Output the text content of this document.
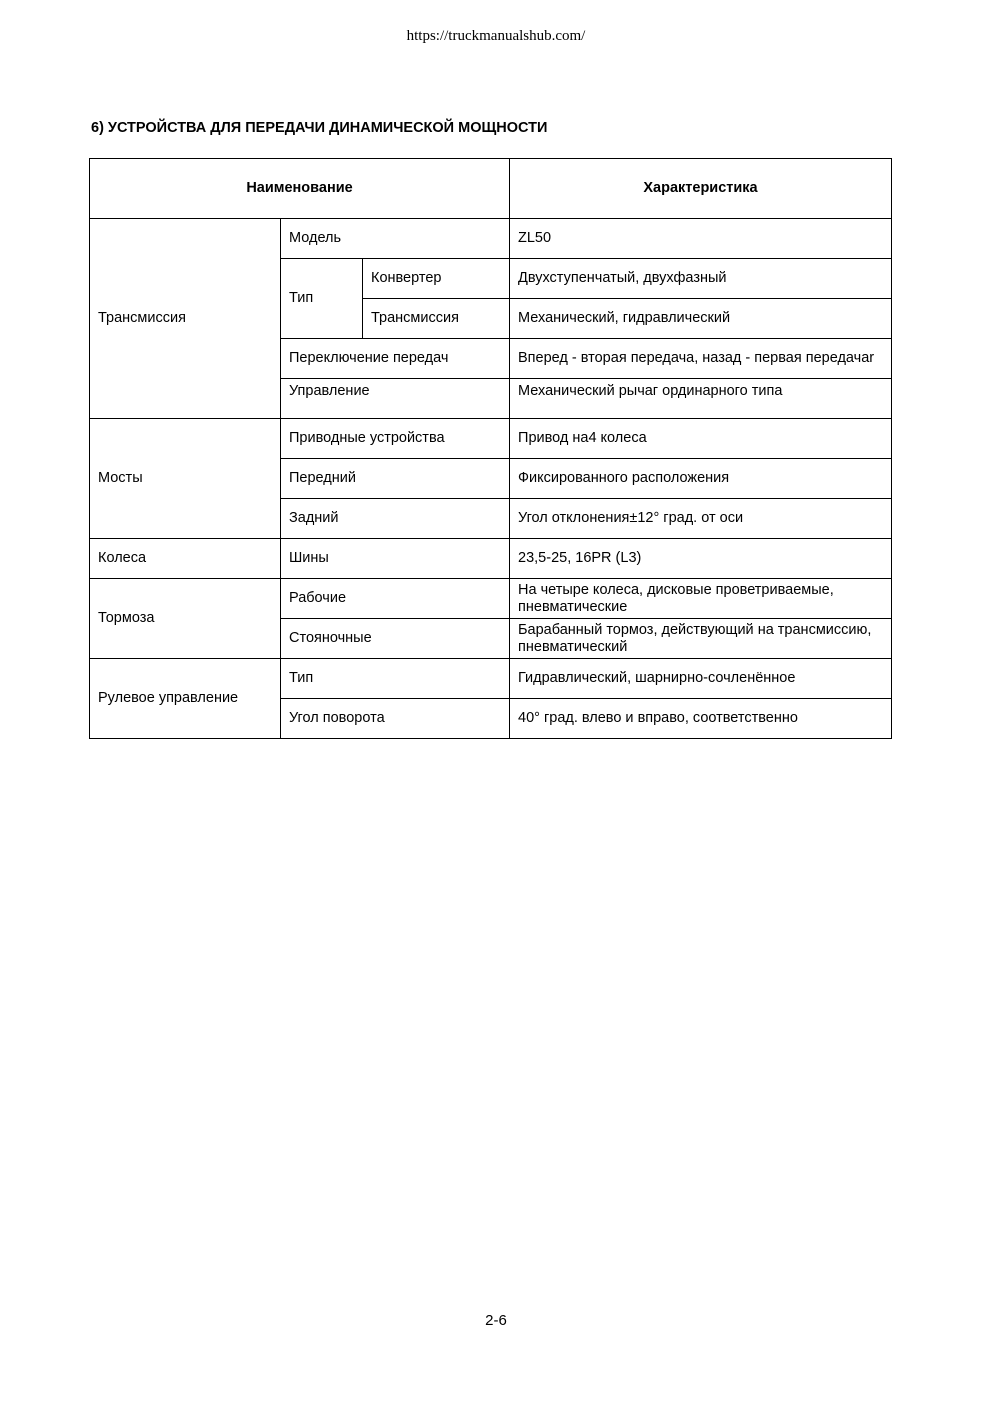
https://truckmanualshub.com/
6) УСТРОЙСТВА ДЛЯ ПЕРЕДАЧИ ДИНАМИЧЕСКОЙ МОЩНОСТИ
Наименование			Характеристика
Трансмиссия	Модель		ZL50
	Тип	Конвертер	Двухступенчатый, двухфазный
		Трансмиссия	Механический, гидравлический
	Переключение передач		Вперед - вторая передача, назад - первая передачаr
	Управление		Механический рычаг ординарного типа
Мосты	Приводные устройства		Привод на4 колеса
	Передний		Фиксированного расположения
	Задний		Угол отклонения±12° град. от оси
Колеса	Шины		23,5-25, 16PR (L3)
Тормоза	Рабочие		На четыре колеса, дисковые проветриваемые, пневматические
	Стояночные		Барабанный тормоз, действующий на трансмиссию, пневматический
Рулевое управление	Тип		Гидравлический, шарнирно-сочленённое
	Угол поворота		40° град. влево и вправо, соответственно
2-6
